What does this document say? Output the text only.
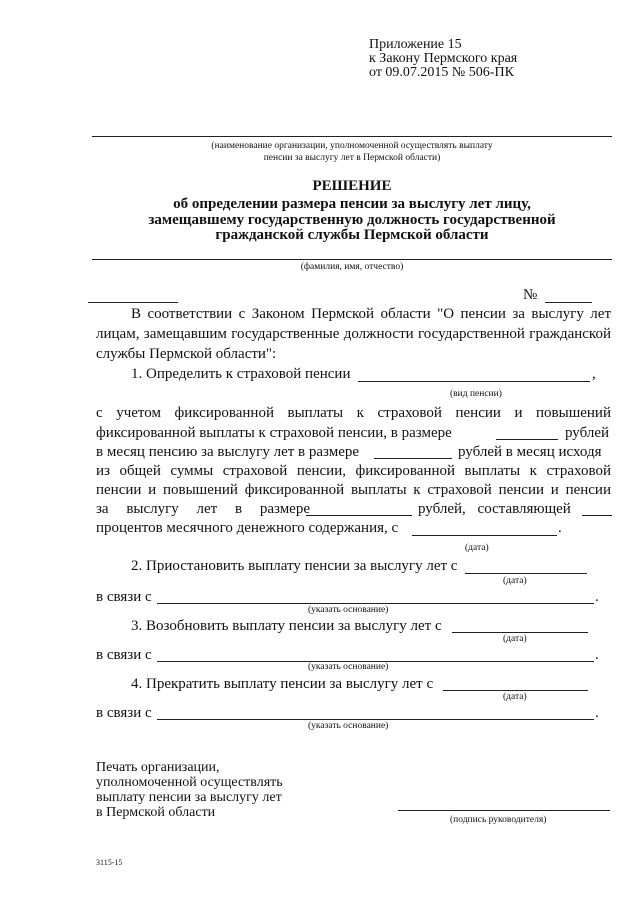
Приложение 15
к Закону Пермского края
от 09.07.2015 № 506-ПК
(наименование организации, уполномоченной осуществлять выплату
пенсии за выслугу лет в Пермской области)
РЕШЕНИЕ
об определении размера пенсии за выслугу лет лицу,
замещавшему государственную должность государственной
гражданской службы Пермской области
(фамилия, имя, отчество)
№
В соответствии с Законом Пермской области "О пенсии за выслугу лет
лицам, замещавшим государственные должности государственной гражданской
службы Пермской области":
1. Определить к страховой пенсии	,
(вид пенсии)
с учетом фиксированной выплаты к страховой пенсии и повышений
фиксированной выплаты к страховой пенсии, в размере	рублей
в месяц пенсию за выслугу лет в размере	рублей в месяц исходя
из общей суммы страховой пенсии, фиксированной выплаты к страховой
пенсии и повышений фиксированной выплаты к страховой пенсии и пенсии
за выслугу лет в размере	рублей, составляющей
процентов месячного денежного содержания, с	.
(дата)
2. Приостановить выплату пенсии за выслугу лет с
(дата)
в связи с	.
(указать основание)
3. Возобновить выплату пенсии за выслугу лет с
(дата)
в связи с	.
(указать основание)
4. Прекратить выплату пенсии за выслугу лет с
(дата)
в связи с	.
(указать основание)
Печать организации,
уполномоченной осуществлять
выплату пенсии за выслугу лет
в Пермской области	(подпись руководителя)
3115-15
